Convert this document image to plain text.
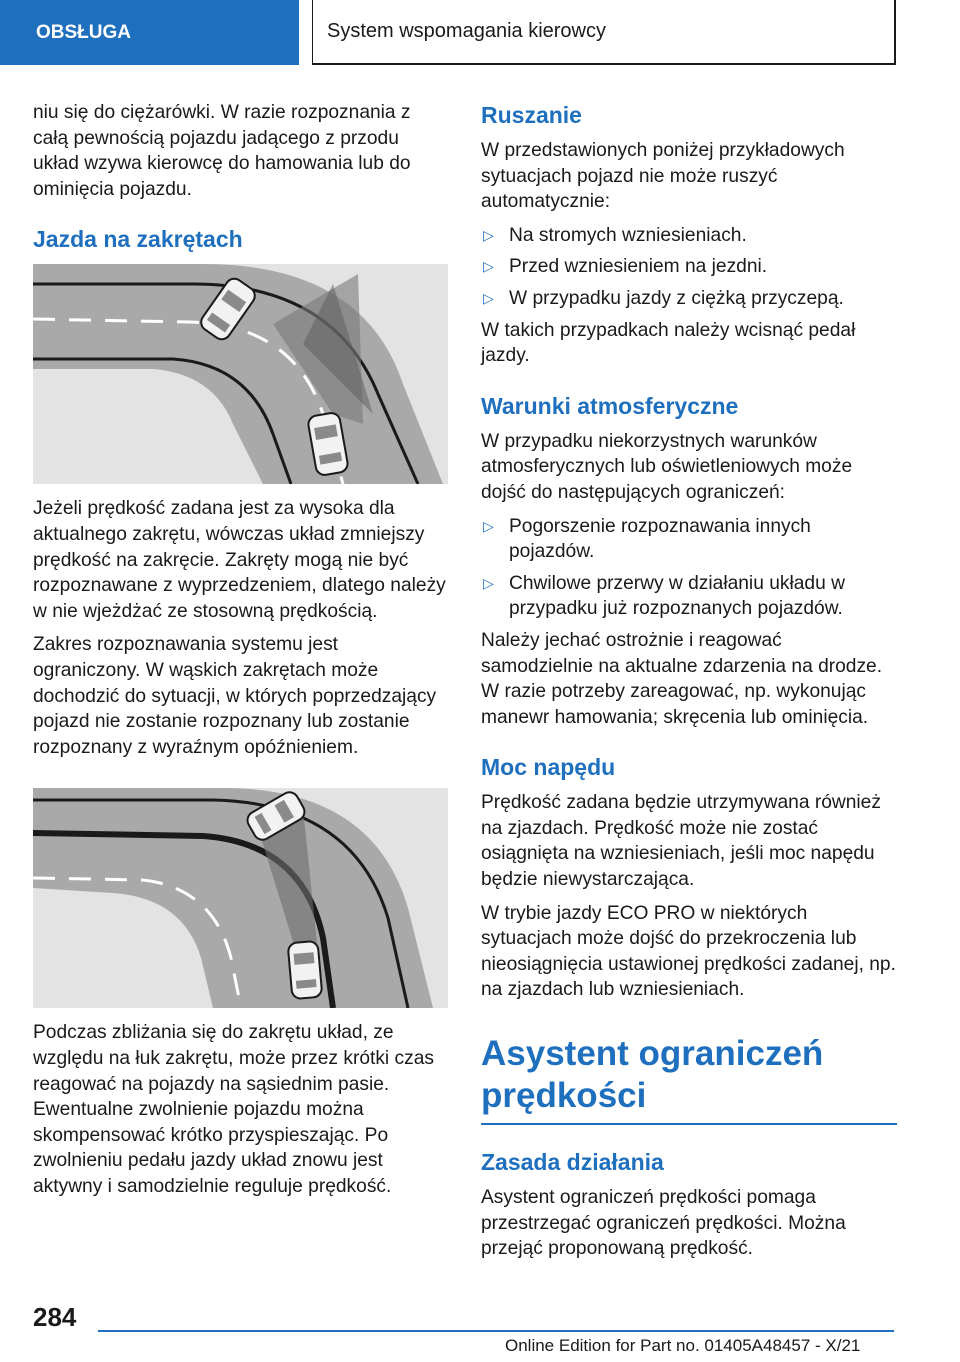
OBSŁUGA	System wspomagania kierowcy

niu się do ciężarówki. W razie rozpoznania z całą pewnością pojazdu jadącego z przodu układ wzywa kierowcę do hamowania lub do ominięcia pojazdu.

Jazda na zakrętach

Jeżeli prędkość zadana jest za wysoka dla aktualnego zakrętu, wówczas układ zmniejszy prędkość na zakręcie. Zakręty mogą nie być rozpoznawane z wyprzedzeniem, dlatego należy w nie wjeżdżać ze stosowną prędkością.

Zakres rozpoznawania systemu jest ograniczony. W wąskich zakrętach może dochodzić do sytuacji, w których poprzedzający pojazd nie zostanie rozpoznany lub zostanie rozpoznany z wyraźnym opóźnieniem.

Podczas zbliżania się do zakrętu układ, ze względu na łuk zakrętu, może przez krótki czas reagować na pojazdy na sąsiednim pasie. Ewentualne zwolnienie pojazdu można skompensować krótko przyspieszając. Po zwolnieniu pedału jazdy układ znowu jest aktywny i samodzielnie reguluje prędkość.

Ruszanie

W przedstawionych poniżej przykładowych sytuacjach pojazd nie może ruszyć automatycznie:

▷ Na stromych wzniesieniach.
▷ Przed wzniesieniem na jezdni.
▷ W przypadku jazdy z ciężką przyczepą.

W takich przypadkach należy wcisnąć pedał jazdy.

Warunki atmosferyczne

W przypadku niekorzystnych warunków atmosferycznych lub oświetleniowych może dojść do następujących ograniczeń:

▷ Pogorszenie rozpoznawania innych pojazdów.
▷ Chwilowe przerwy w działaniu układu w przypadku już rozpoznanych pojazdów.

Należy jechać ostrożnie i reagować samodzielnie na aktualne zdarzenia na drodze. W razie potrzeby zareagować, np. wykonując manewr hamowania; skręcenia lub ominięcia.

Moc napędu

Prędkość zadana będzie utrzymywana również na zjazdach. Prędkość może nie zostać osiągnięta na wzniesieniach, jeśli moc napędu będzie niewystarczająca.

W trybie jazdy ECO PRO w niektórych sytuacjach może dojść do przekroczenia lub nieosiągnięcia ustawionej prędkości zadanej, np. na zjazdach lub wzniesieniach.

Asystent ograniczeń prędkości
Zasada działania

Asystent ograniczeń prędkości pomaga przestrzegać ograniczeń prędkości. Można przejąć proponowaną prędkość.

284
Online Edition for Part no. 01405A48457 - X/21
